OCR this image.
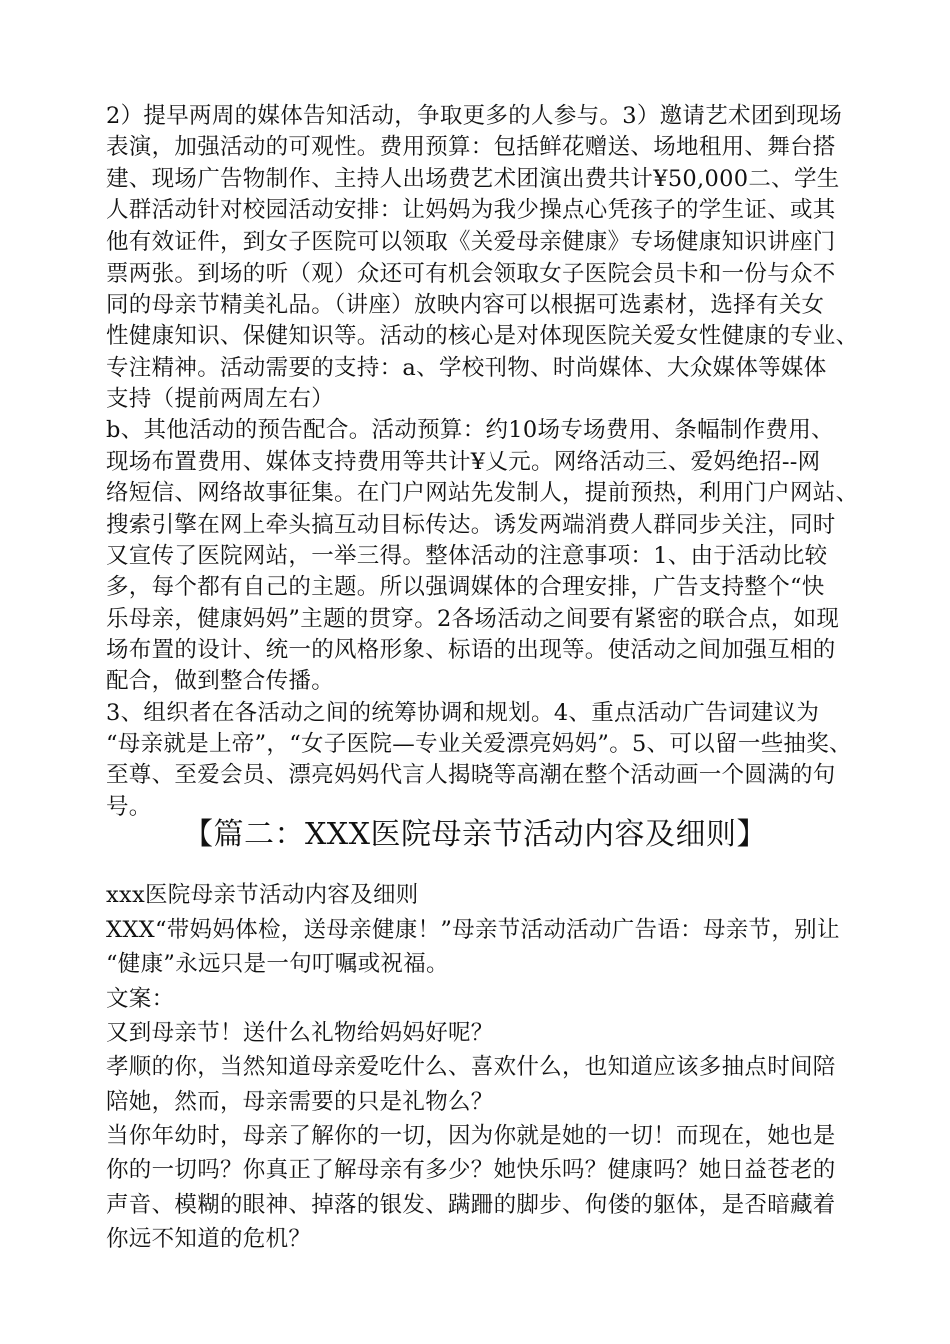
2）提早两周的媒体告知活动，争取更多的人参与。3）邀请艺术团到现场
表演，加强活动的可观性。费用预算：包括鲜花赠送、场地租用、舞台搭
建、现场广告物制作、主持人出场费艺术团演出费共计¥50,000二、学生
人群活动针对校园活动安排：让妈妈为我少操点心凭孩子的学生证、或其
他有效证件，到女子医院可以领取《关爱母亲健康》专场健康知识讲座门
票两张。到场的听（观）众还可有机会领取女子医院会员卡和一份与众不
同的母亲节精美礼品。（讲座）放映内容可以根据可选素材，选择有关女
性健康知识、保健知识等。活动的核心是对体现医院关爱女性健康的专业、
专注精神。活动需要的支持：a、学校刊物、时尚媒体、大众媒体等媒体
支持（提前两周左右）
b、其他活动的预告配合。活动预算：约10场专场费用、条幅制作费用、
现场布置费用、媒体支持费用等共计¥乂元。网络活动三、爱妈绝招--网
络短信、网络故事征集。在门户网站先发制人，提前预热，利用门户网站、
搜索引擎在网上牵头搞互动目标传达。诱发两端消费人群同步关注，同时
又宣传了医院网站，一举三得。整体活动的注意事项：1、由于活动比较
多，每个都有自己的主题。所以强调媒体的合理安排，广告支持整个“快
乐母亲，健康妈妈”主题的贯穿。2各场活动之间要有紧密的联合点，如现
场布置的设计、统一的风格形象、标语的出现等。使活动之间加强互相的
配合，做到整合传播。
3、组织者在各活动之间的统筹协调和规划。4、重点活动广告词建议为
“母亲就是上帝”，“女子医院—专业关爱漂亮妈妈”。5、可以留一些抽奖、
至尊、至爱会员、漂亮妈妈代言人揭晓等高潮在整个活动画一个圆满的句
号。
【篇二：XXX医院母亲节活动内容及细则】
xxx医院母亲节活动内容及细则
XXX“带妈妈体检，送母亲健康！”母亲节活动活动广告语：母亲节，别让
“健康”永远只是一句叮嘱或祝福。
文案：
又到母亲节！送什么礼物给妈妈好呢？
孝顺的你，当然知道母亲爱吃什么、喜欢什么，也知道应该多抽点时间陪
陪她，然而，母亲需要的只是礼物么？
当你年幼时，母亲了解你的一切，因为你就是她的一切！而现在，她也是
你的一切吗？你真正了解母亲有多少？她快乐吗？健康吗？她日益苍老的
声音、模糊的眼神、掉落的银发、蹒跚的脚步、佝偻的躯体，是否暗藏着
你远不知道的危机？
